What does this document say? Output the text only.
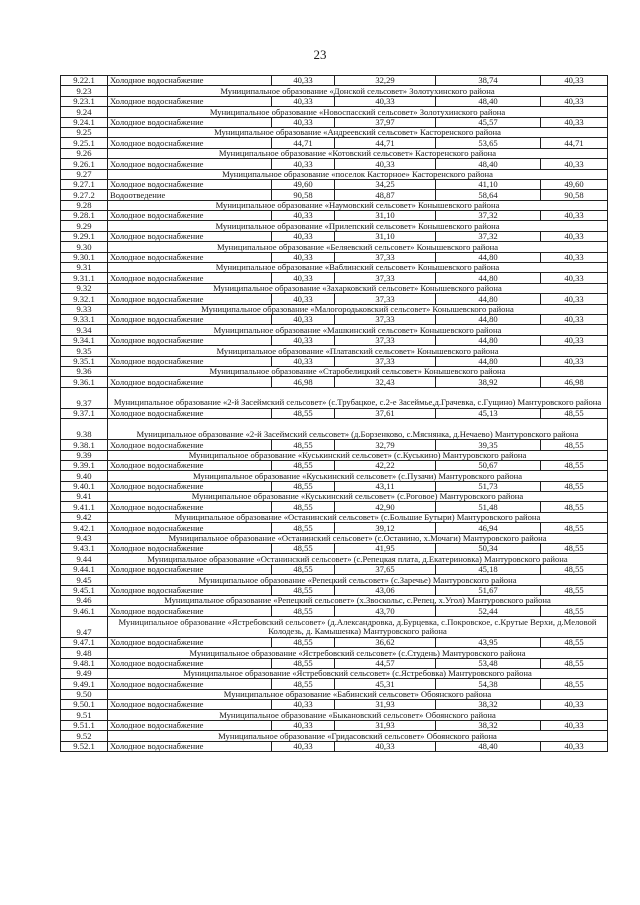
23
9.22.1	Холодное водоснабжение	40,33	32,29	38,74	40,33
9.23	Муниципальное образование «Донской сельсовет» Золотухинского района				
9.23.1	Холодное водоснабжение	40,33	40,33	48,40	40,33
9.24	Муниципальное образование «Новоспасский сельсовет» Золотухинского района				
9.24.1	Холодное водоснабжение	40,33	37,97	45,57	40,33
9.25	Муниципальное образование «Андреевский сельсовет» Касторенского района				
9.25.1	Холодное водоснабжение	44,71	44,71	53,65	44,71
9.26	Муниципальное образование «Котовский сельсовет» Касторенского района				
9.26.1	Холодное водоснабжение	40,33	40,33	48,40	40,33
9.27	Муниципальное образование «поселок Касторное» Касторенского района				
9.27.1	Холодное водоснабжение	49,60	34,25	41,10	49,60
9.27.2	Водоотведение	90,58	48,87	58,64	90,58
9.28	Муниципальное образование «Наумовский сельсовет» Конышевского района				
9.28.1	Холодное водоснабжение	40,33	31,10	37,32	40,33
9.29	Муниципальное образование «Прилепский сельсовет» Конышевского района				
9.29.1	Холодное водоснабжение	40,33	31,10	37,32	40,33
9.30	Муниципальное образование «Беляевский сельсовет» Конышевского района				
9.30.1	Холодное водоснабжение	40,33	37,33	44,80	40,33
9.31	Муниципальное образование «Ваблинский сельсовет» Конышевского района				
9.31.1	Холодное водоснабжение	40,33	37,33	44,80	40,33
9.32	Муниципальное образование «Захарковский сельсовет» Конышевского района				
9.32.1	Холодное водоснабжение	40,33	37,33	44,80	40,33
9.33	Муниципальное образование «Малогородьковский сельсовет» Конышевского района				
9.33.1	Холодное водоснабжение	40,33	37,33	44,80	40,33
9.34	Муниципальное образование «Машкинский сельсовет» Конышевского района				
9.34.1	Холодное водоснабжение	40,33	37,33	44,80	40,33
9.35	Муниципальное образование «Платавский сельсовет» Конышевского района				
9.35.1	Холодное водоснабжение	40,33	37,33	44,80	40,33
9.36	Муниципальное образование «Старобелицкий сельсовет» Конышевского района				
9.36.1	Холодное водоснабжение	46,98	32,43	38,92	46,98
9.37	Муниципальное образование «2-й Засеймский сельсовет» (с.Трубацкое, с.2-е Засеймье,д.Грачевка, с.Гущино) Мантуровского района				
9.37.1	Холодное водоснабжение	48,55	37,61	45,13	48,55
9.38	Муниципальное образование «2-й Засеймский сельсовет» (д.Борзенково, с.Мяснянка, д.Нечаево) Мантуровского района				
9.38.1	Холодное водоснабжение	48,55	32,79	39,35	48,55
9.39	Муниципальное образование «Куськинский сельсовет» (с.Куськино) Мантуровского района				
9.39.1	Холодное водоснабжение	48,55	42,22	50,67	48,55
9.40	Муниципальное образование «Куськинский сельсовет» (с.Пузачи) Мантуровского района				
9.40.1	Холодное водоснабжение	48,55	43,11	51,73	48,55
9.41	Муниципальное образование «Куськинский сельсовет» (с.Роговое) Мантуровского района				
9.41.1	Холодное водоснабжение	48,55	42,90	51,48	48,55
9.42	Муниципальное образование «Останинский сельсовет» (с.Большие Бутыри) Мантуровского района				
9.42.1	Холодное водоснабжение	48,55	39,12	46,94	48,55
9.43	Муниципальное образование «Останинский сельсовет» (с.Останино, х.Мочаги) Мантуровского района				
9.43.1	Холодное водоснабжение	48,55	41,95	50,34	48,55
9.44	Муниципальное образование «Останинский сельсовет» (с.Репецкая плата, д.Екатериновка) Мантуровского района				
9.44.1	Холодное водоснабжение	48,55	37,65	45,18	48,55
9.45	Муниципальное образование «Репецкий сельсовет» (с.Заречье) Мантуровского района				
9.45.1	Холодное водоснабжение	48,55	43,06	51,67	48,55
9.46	Муниципальное образование «Репецкий сельсовет» (х.Звоскольс, с.Репец, х.Угол) Мантуровского района				
9.46.1	Холодное водоснабжение	48,55	43,70	52,44	48,55
9.47	Муниципальное образование «Ястребовский сельсовет» (д.Александровка, д.Бурцевка, с.Покровское, с.Крутые Верхи, д.Меловой Колодезь, д. Камышенка) Мантуровского района				
9.47.1	Холодное водоснабжение	48,55	36,62	43,95	48,55
9.48	Муниципальное образование «Ястребовский сельсовет» (с.Студень) Мантуровского района				
9.48.1	Холодное водоснабжение	48,55	44,57	53,48	48,55
9.49	Муниципальное образование «Ястребовский сельсовет» (с.Ястребовка) Мантуровского района				
9.49.1	Холодное водоснабжение	48,55	45,31	54,38	48,55
9.50	Муниципальное образование «Бабинский сельсовет» Обоянского района				
9.50.1	Холодное водоснабжение	40,33	31,93	38,32	40,33
9.51	Муниципальное образование «Быкановский сельсовет» Обоянского района				
9.51.1	Холодное водоснабжение	40,33	31,93	38,32	40,33
9.52	Муниципальное образование «Гридасовский сельсовет» Обоянского района				
9.52.1	Холодное водоснабжение	40,33	40,33	48,40	40,33
